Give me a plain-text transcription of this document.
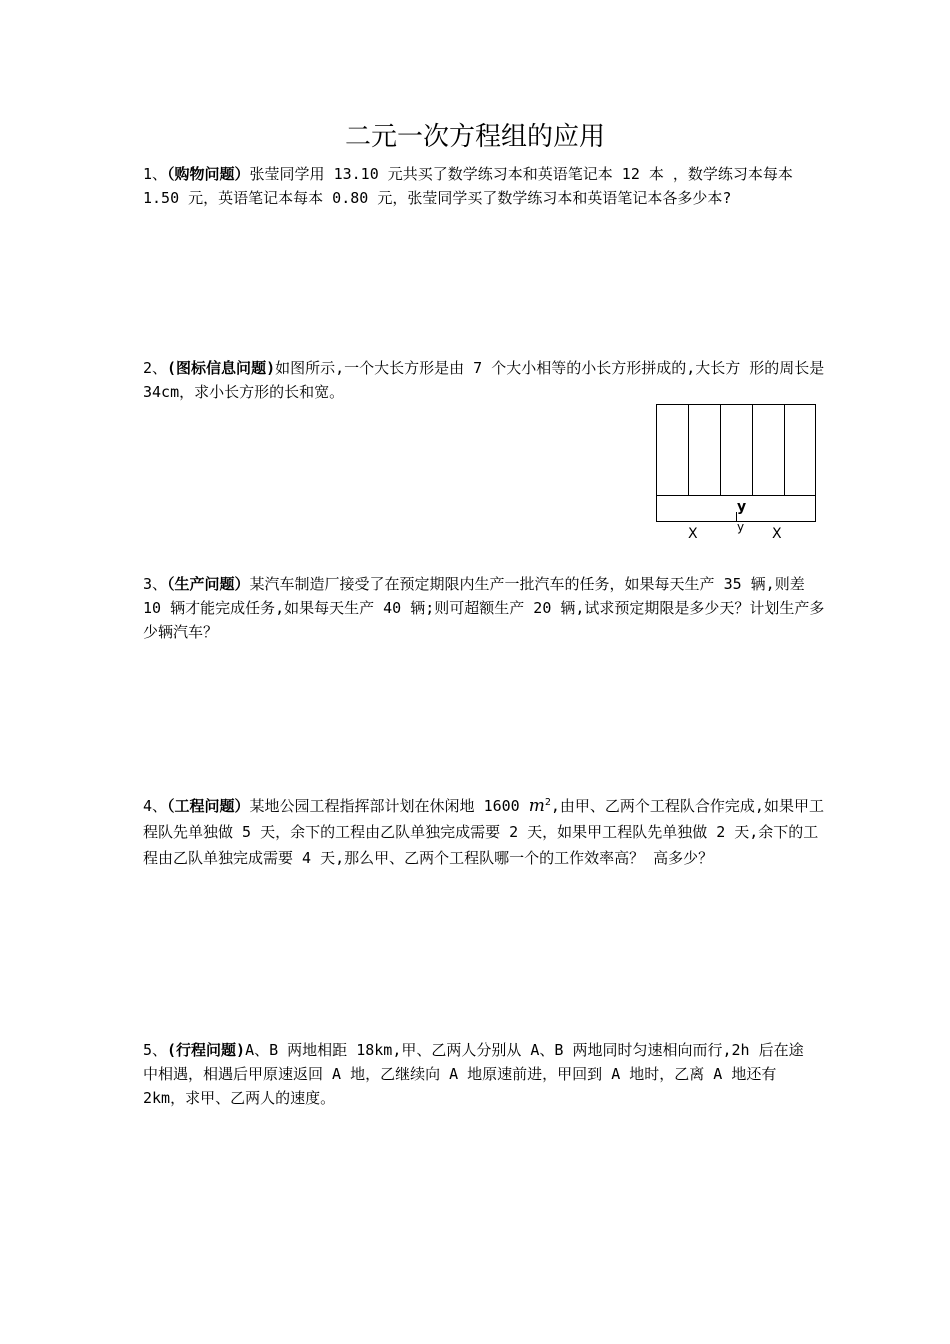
二元一次方程组的应用

1、（购物问题）张莹同学用 13.10 元共买了数学练习本和英语笔记本 12 本 ，数学练习本每本 1.50 元，英语笔记本每本 0.80 元，张莹同学买了数学练习本和英语笔记本各多少本?

2、(图标信息问题)如图所示,一个大长方形是由 7 个大小相等的小长方形拼成的,大长方 形的周长是 34cm，求小长方形的长和宽。

y
y
X	X

3、（生产问题）某汽车制造厂接受了在预定期限内生产一批汽车的任务，如果每天生产 35 辆,则差 10 辆才能完成任务,如果每天生产 40 辆;则可超额生产 20 辆,试求预定期限是多少天？计划生产多少辆汽车？

4、（工程问题）某地公园工程指挥部计划在休闲地 1600 $m^2$,由甲、乙两个工程队合作完成,如果甲工程队先单独做 5 天，余下的工程由乙队单独完成需要 2 天，如果甲工程队先单独做 2 天,余下的工程由乙队单独完成需要 4 天,那么甲、乙两个工程队哪一个的工作效率高？ 高多少？

5、(行程问题)A、B 两地相距 18km,甲、乙两人分别从 A、B 两地同时匀速相向而行,2h 后在途中相遇，相遇后甲原速返回 A 地，乙继续向 A 地原速前进，甲回到 A 地时，乙离 A 地还有 2km，求甲、乙两人的速度。
